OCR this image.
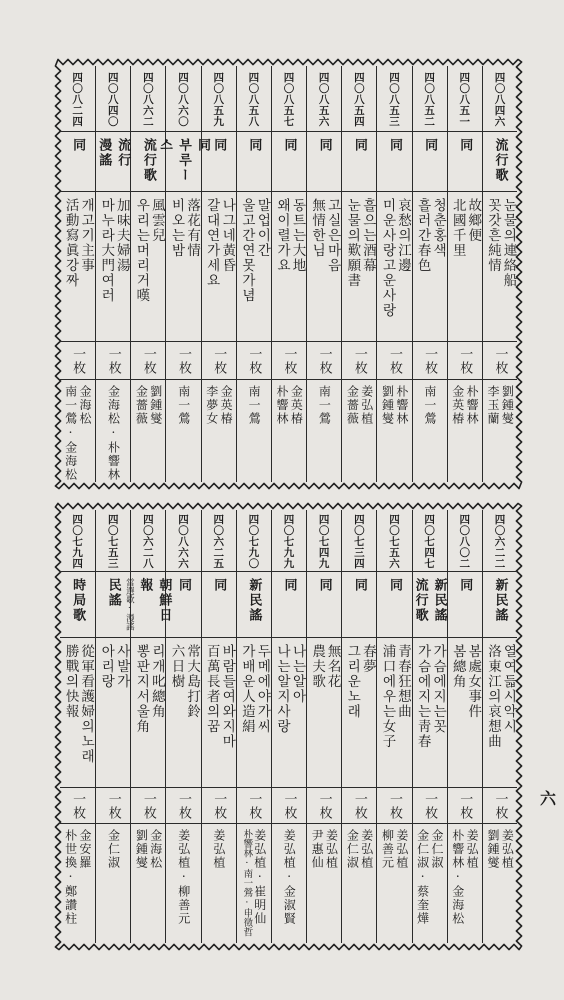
四〇八四六
流行歌
눈물의連絡船
꼿갓흔純情
一枚
劉鍾燮
李玉蘭
四〇八五一
同
故鄉便
北國千里
一枚
朴響林
金英椿
四〇八五二
同
청춘홍색
흘러간春色
一枚
南一鶯
四〇八五三
同
哀愁의江邊
미운사랑고운사랑
一枚
朴響林
劉鍾燮
四〇八五四
同
흘으는酒幕
눈물의歎願書
一枚
姜弘植
金薔薇
四〇八五六
同
고실은마음
無情한님
一枚
南一鶯
四〇八五七
同
동트는大地
왜이렬가요
一枚
金英椿
朴響林
四〇八五八
同
말업이간
울고간연못가념
一枚
南一鶯
四〇八五九
同
나그네黃昏
갈대연가세요
一枚
金英椿
李夢女
四〇八六〇
同
부루ー스
落花有情
비오는밤
一枚
南一鶯
四〇八六二
流行歌
風雲兒
우리는머리거嘆
一枚
劉鍾燮
金薔薇
四〇八四〇
流行
漫謠
加味夫婦湯
마누라大門여러
一枚
金海松·朴響林
四〇八二四
同
개고기主事
活動寫眞강짜
一枚
金海松
南一鶯·金海松
四〇六二二
新民謠
열여듧시악시
洛東江의哀想曲
一枚
姜弘植
劉鍾燮
四〇八〇二
同
봄處女事件
봄總角
一枚
姜弘植
朴響林·金海松
四〇七四七
新民謠
流行歌
가슴에지는꼿
가슴에지는靑春
一枚
金仁淑
金仁淑·蔡奎燁
四〇七五六
同
青春狂想曲
浦口에우는女子
一枚
姜弘植
柳善元
四〇七三四
同
春夢
그리운노래
一枚
姜弘植
金仁淑
四〇七四九
同
無名花
農夫歌
一枚
姜弘植
尹惠仙
四〇七九九
同
나는알아
나는알지사랑
一枚
姜弘植·金淑賢
四〇七九〇
新民謠
두메에야가씨
가배운人造絹
一枚
姜弘植·崔明仙
朴響林·南一鶯·申徵哲
四〇六二五
同
바람들여와지마
百萬長者의꿈
一枚
姜弘植
四〇八六六
同
常大島打鈴
六日樹
一枚
姜弘植·柳善元
四〇六二八
朝鮮日報
當選歌·漫謠
리개叱總角
뽕판지서울角
一枚
金海松
劉鍾燮
四〇七五三
民謠
사발가
아리랑
一枚
金仁淑
四〇七九四
時局歌
從軍看護婦의노래
勝戰의快報
一枚
金安羅
朴世換·鄭讚柱
六
